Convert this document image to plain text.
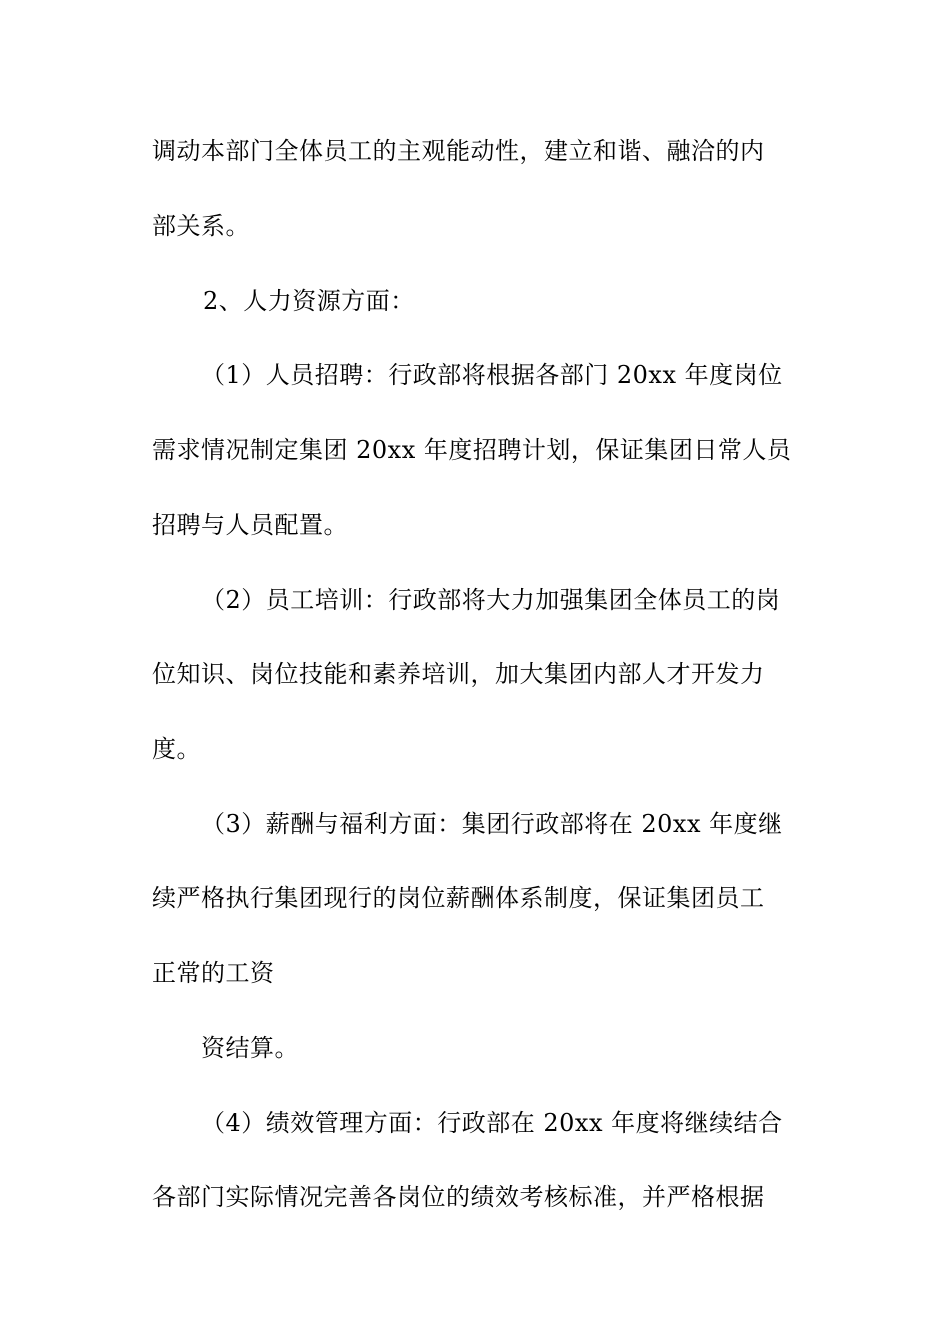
调动本部门全体员工的主观能动性，建立和谐、融洽的内
部关系。
2、人力资源方面：
（1）人员招聘：行政部将根据各部门 20xx 年度岗位
需求情况制定集团 20xx 年度招聘计划，保证集团日常人员
招聘与人员配置。
（2）员工培训：行政部将大力加强集团全体员工的岗
位知识、岗位技能和素养培训，加大集团内部人才开发力
度。
（3）薪酬与福利方面：集团行政部将在 20xx 年度继
续严格执行集团现行的岗位薪酬体系制度，保证集团员工
正常的工资
资结算。
（4）绩效管理方面：行政部在 20xx 年度将继续结合
各部门实际情况完善各岗位的绩效考核标准，并严格根据
